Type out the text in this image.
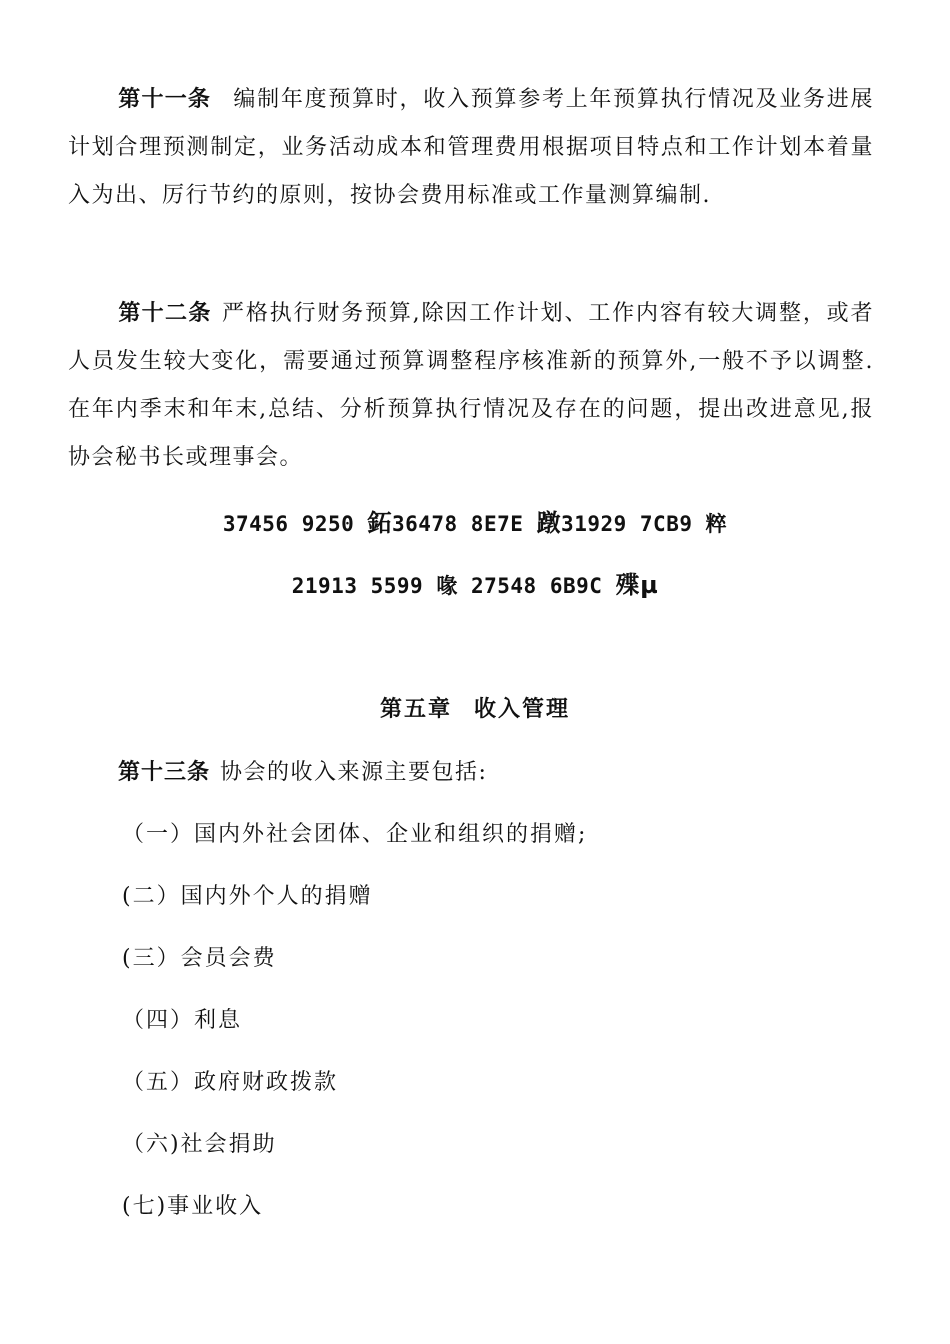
第十一条 编制年度预算时，收入预算参考上年预算执行情况及业务进展计划合理预测制定，业务活动成本和管理费用根据项目特点和工作计划本着量入为出、厉行节约的原则，按协会费用标准或工作量测算编制.

第十二条 严格执行财务预算,除因工作计划、工作内容有较大调整，或者人员发生较大变化，需要通过预算调整程序核准新的预算外,一般不予以调整.在年内季末和年末,总结、分析预算执行情况及存在的问题，提出改进意见,报协会秘书长或理事会。

37456 9250 鉐36478 8E7E 蹾31929 7CB9 粹

21913 5599 喙 27548 6B9C 殜µ

第五章 收入管理

第十三条 协会的收入来源主要包括:

（一）国内外社会团体、企业和组织的捐赠;

(二）国内外个人的捐赠

(三）会员会费

（四）利息

（五）政府财政拨款

（六)社会捐助

(七)事业收入
